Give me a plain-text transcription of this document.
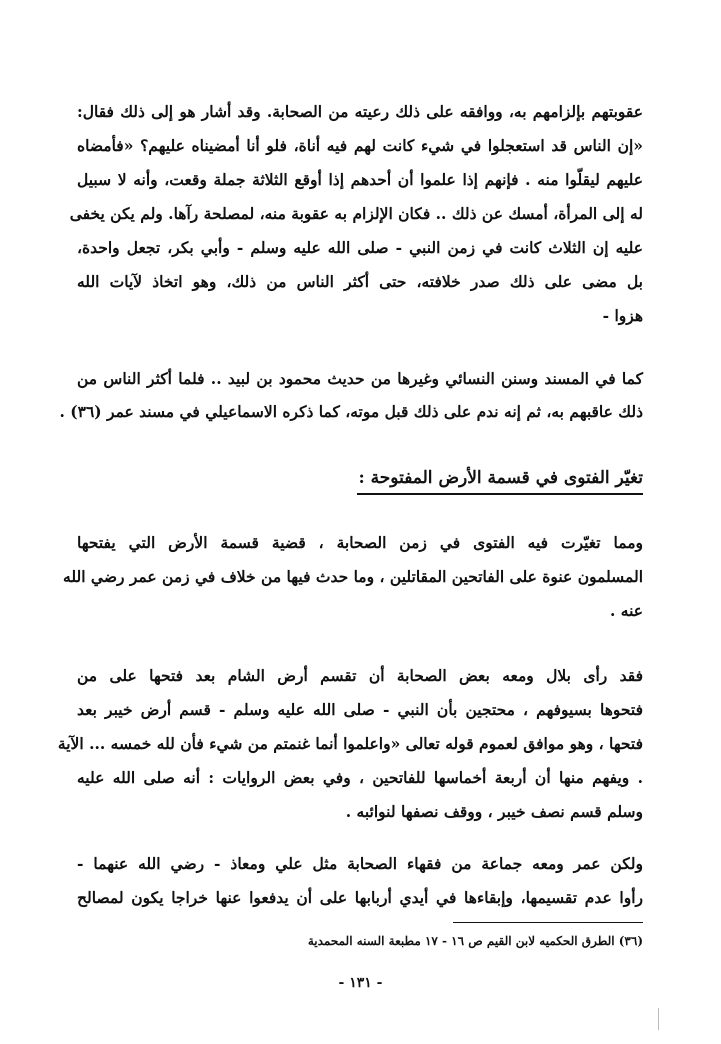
عقوبتهم بإلزامهم به، ووافقه على ذلك رعيته من الصحابة. وقد أشار هو إلى ذلك فقال:
«إن الناس قد استعجلوا في شيء كانت لهم فيه أناة، فلو أنا أمضيناه عليهم؟ «فأمضاه
عليهم ليقلّوا منه . فإنهم إذا علموا أن أحدهم إذا أوقع الثلاثة جملة وقعت، وأنه لا سبيل
له إلى المرأة، أمسك عن ذلك .. فكان الإلزام به عقوبة منه، لمصلحة رآها. ولم يكن يخفى
عليه إن الثلاث كانت في زمن النبي - صلى الله عليه وسلم - وأبي بكر، تجعل واحدة،
بل مضى على ذلك صدر خلافته، حتى أكثر الناس من ذلك، وهو اتخاذ لآيات الله
هزوا -
كما في المسند وسنن النسائي وغيرها من حديث محمود بن لبيد .. فلما أكثر الناس من
ذلك عاقبهم به، ثم إنه ندم على ذلك قبل موته، كما ذكره الاسماعيلي في مسند عمر (٣٦) .
تغيّر الفتوى في قسمة الأرض المفتوحة :
ومما تغيّرت فيه الفتوى في زمن الصحابة ، قضية قسمة الأرض التي يفتحها
المسلمون عنوة على الفاتحين المقاتلين ، وما حدث فيها من خلاف في زمن عمر رضي الله
عنه .
فقد رأى بلال ومعه بعض الصحابة أن تقسم أرض الشام بعد فتحها على من
فتحوها بسيوفهم ، محتجين بأن النبي - صلى الله عليه وسلم - قسم أرض خيبر بعد
فتحها ، وهو موافق لعموم قوله تعالى «واعلموا أنما غنمتم من شيء فأن لله خمسه ... الآية
. ويفهم منها أن أربعة أخماسها للفاتحين ، وفي بعض الروايات : أنه صلى الله عليه
وسلم قسم نصف خيبر ، ووقف نصفها لنوائبه .
ولكن عمر ومعه جماعة من فقهاء الصحابة مثل علي ومعاذ - رضي الله عنهما -
رأوا عدم تقسيمها، وإبقاءها في أيدي أربابها على أن يدفعوا عنها خراجا يكون لمصالح
(٣٦) الطرق الحكميه لابن القيم ص ١٦ - ١٧ مطبعة السنه المحمدية
- ١٣١ -
